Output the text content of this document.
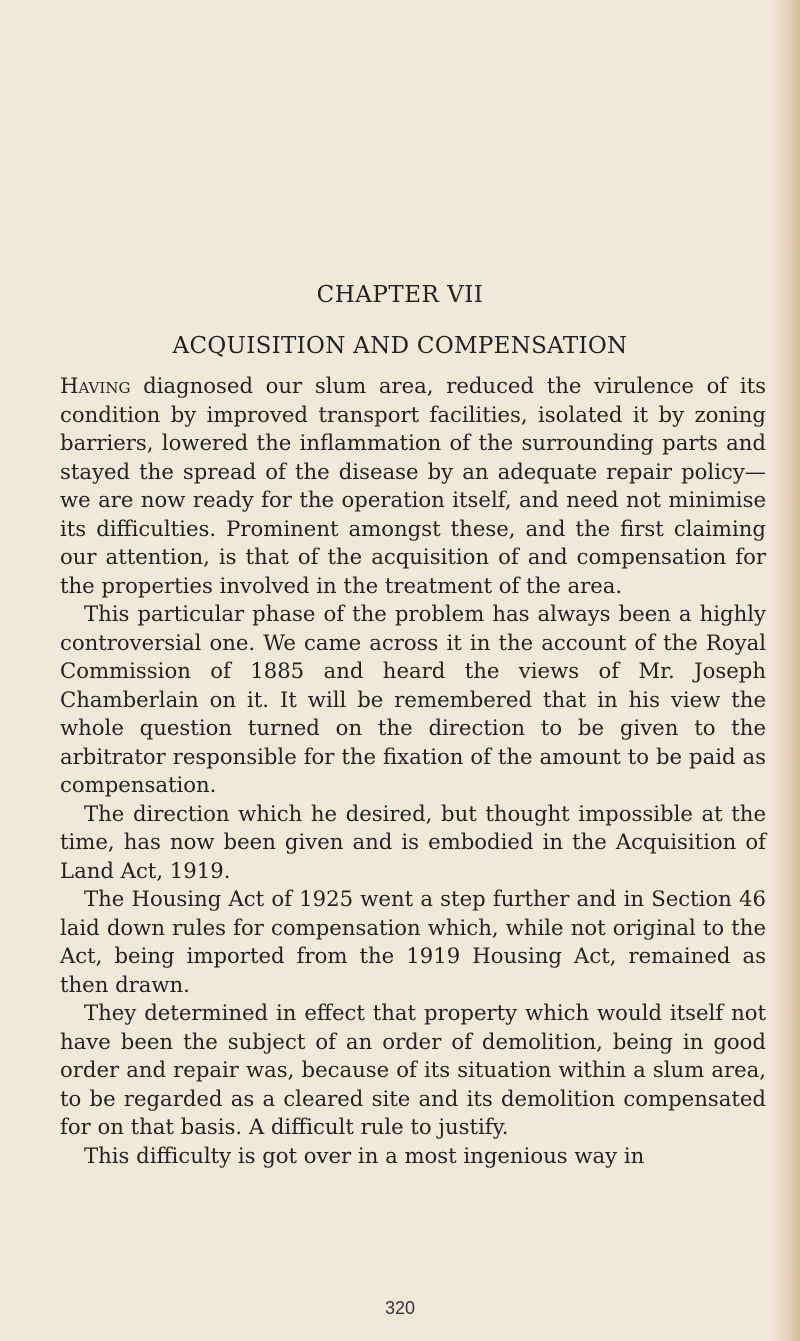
CHAPTER VII
ACQUISITION AND COMPENSATION

Having diagnosed our slum area, reduced the virulence of its condition by improved transport facilities, isolated it by zoning barriers, lowered the inflammation of the surrounding parts and stayed the spread of the disease by an adequate repair policy—we are now ready for the operation itself, and need not minimise its difficulties. Prominent amongst these, and the first claiming our attention, is that of the acquisition of and compensation for the properties involved in the treatment of the area.

This particular phase of the problem has always been a highly controversial one. We came across it in the account of the Royal Commission of 1885 and heard the views of Mr. Joseph Chamberlain on it. It will be remembered that in his view the whole question turned on the direction to be given to the arbitrator responsible for the fixation of the amount to be paid as compensation.

The direction which he desired, but thought impossible at the time, has now been given and is embodied in the Acquisition of Land Act, 1919.

The Housing Act of 1925 went a step further and in Section 46 laid down rules for compensation which, while not original to the Act, being imported from the 1919 Housing Act, remained as then drawn.

They determined in effect that property which would itself not have been the subject of an order of demolition, being in good order and repair was, because of its situation within a slum area, to be regarded as a cleared site and its demolition compensated for on that basis. A difficult rule to justify.

This difficulty is got over in a most ingenious way in

320
